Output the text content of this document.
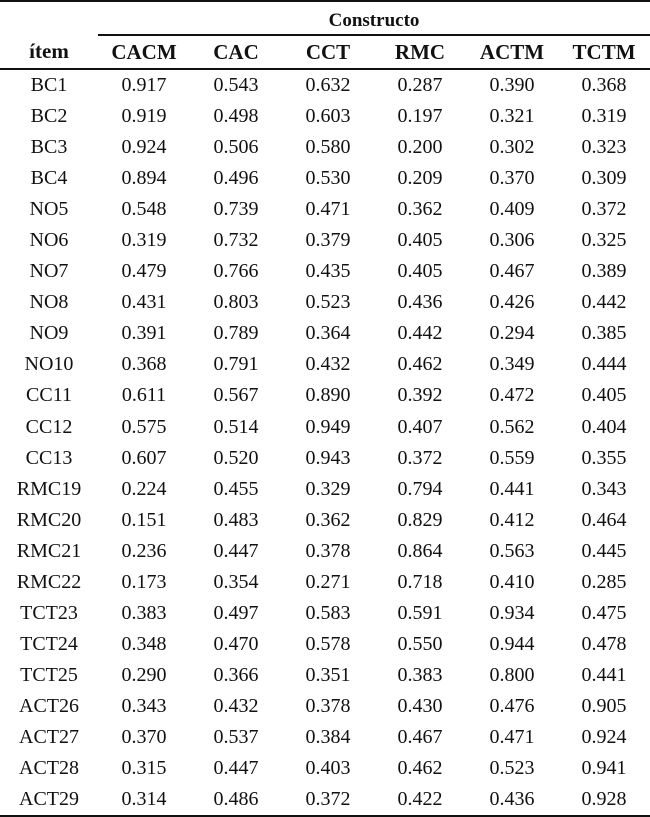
	Constructo					
ítem	CACM	CAC	CCT	RMC	ACTM	TCTM
BC1	0.917	0.543	0.632	0.287	0.390	0.368
BC2	0.919	0.498	0.603	0.197	0.321	0.319
BC3	0.924	0.506	0.580	0.200	0.302	0.323
BC4	0.894	0.496	0.530	0.209	0.370	0.309
NO5	0.548	0.739	0.471	0.362	0.409	0.372
NO6	0.319	0.732	0.379	0.405	0.306	0.325
NO7	0.479	0.766	0.435	0.405	0.467	0.389
NO8	0.431	0.803	0.523	0.436	0.426	0.442
NO9	0.391	0.789	0.364	0.442	0.294	0.385
NO10	0.368	0.791	0.432	0.462	0.349	0.444
CC11	0.611	0.567	0.890	0.392	0.472	0.405
CC12	0.575	0.514	0.949	0.407	0.562	0.404
CC13	0.607	0.520	0.943	0.372	0.559	0.355
RMC19	0.224	0.455	0.329	0.794	0.441	0.343
RMC20	0.151	0.483	0.362	0.829	0.412	0.464
RMC21	0.236	0.447	0.378	0.864	0.563	0.445
RMC22	0.173	0.354	0.271	0.718	0.410	0.285
TCT23	0.383	0.497	0.583	0.591	0.934	0.475
TCT24	0.348	0.470	0.578	0.550	0.944	0.478
TCT25	0.290	0.366	0.351	0.383	0.800	0.441
ACT26	0.343	0.432	0.378	0.430	0.476	0.905
ACT27	0.370	0.537	0.384	0.467	0.471	0.924
ACT28	0.315	0.447	0.403	0.462	0.523	0.941
ACT29	0.314	0.486	0.372	0.422	0.436	0.928
